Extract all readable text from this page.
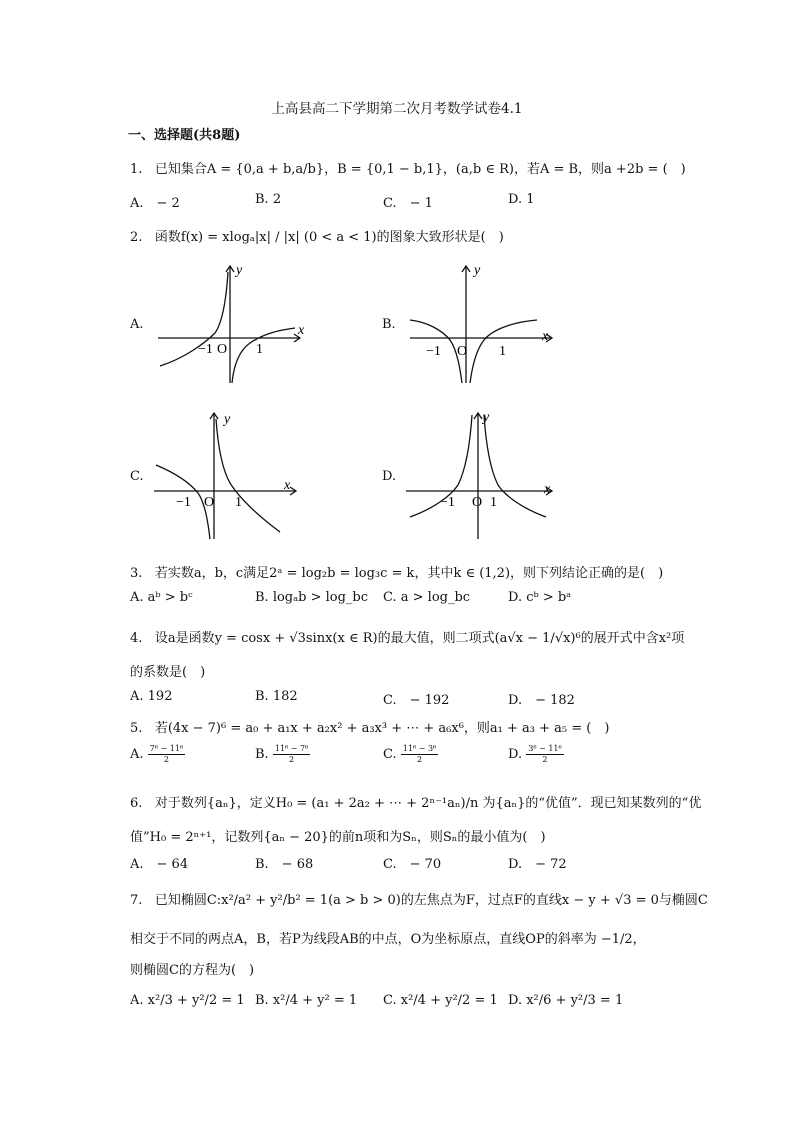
上高县高二下学期第二次月考数学试卷4.1
一、选择题(共8题)
1. 已知集合A = {0,a + b,a/b}，B = {0,1 − b,1}，(a,b ∈ R)，若A = B，则a +2b = (　)
A.　− 2	B. 2	C.　− 1	D. 1
2. 函数f(x) = xlogₐ|x| / |x| (0 < a < 1)的图象大致形状是(　)
A.	x
y
−1 O 1
B.
x
y
−1 O 1
C.
x
y
−1 O 1
D.
x
y
−1 O 1
3. 若实数a，b，c满足2ᵃ = log₂b = log₃c = k，其中k ∈ (1,2)，则下列结论正确的是(　)
A. aᵇ > bᶜ	B. logₐb > log_bc C. a > log_bc	D. cᵇ > bᵃ
4. 设a是函数y = cosx + √3sinx(x ∈ R)的最大值，则二项式(a√x − 1/√x)⁶的展开式中含x²项
的系数是(　)
A. 192	B. 182	C.　− 192	D.　− 182
5. 若(4x − 7)⁶ = a₀ + a₁x + a₂x² + a₃x³ + ⋯ + a₆x⁶，则a₁ + a₃ + a₅ = (　)
A. $\frac{\text{7⁶ − 11⁶}}{2}$	B. $\frac{\text{11⁶ − 7⁶}}{2}$	C. $\frac{\text{11⁶ − 3⁶}}{2}$	D. $\frac{\text{3⁶ − 11⁶}}{2}$
6. 对于数列{aₙ}，定义H₀ = (a₁ + 2a₂ + ⋯ + 2ⁿ⁻¹aₙ)/n 为{aₙ}的“优值”．现已知某数列的“优
值”H₀ = 2ⁿ⁺¹，记数列{aₙ − 20}的前n项和为Sₙ，则Sₙ的最小值为(　)
A.　− 64	B.　− 68	C.　− 70	D.　− 72
7. 已知椭圆C:x²/a² + y²/b² = 1(a > b > 0)的左焦点为F，过点F的直线x − y + √3 = 0与椭圆C
相交于不同的两点A，B，若P为线段AB的中点，O为坐标原点，直线OP的斜率为 −1/2，
则椭圆C的方程为(　)
A. x²/3 + y²/2 = 1 B. x²/4 + y² = 1 C. x²/4 + y²/2 = 1 D. x²/6 + y²/3 = 1
